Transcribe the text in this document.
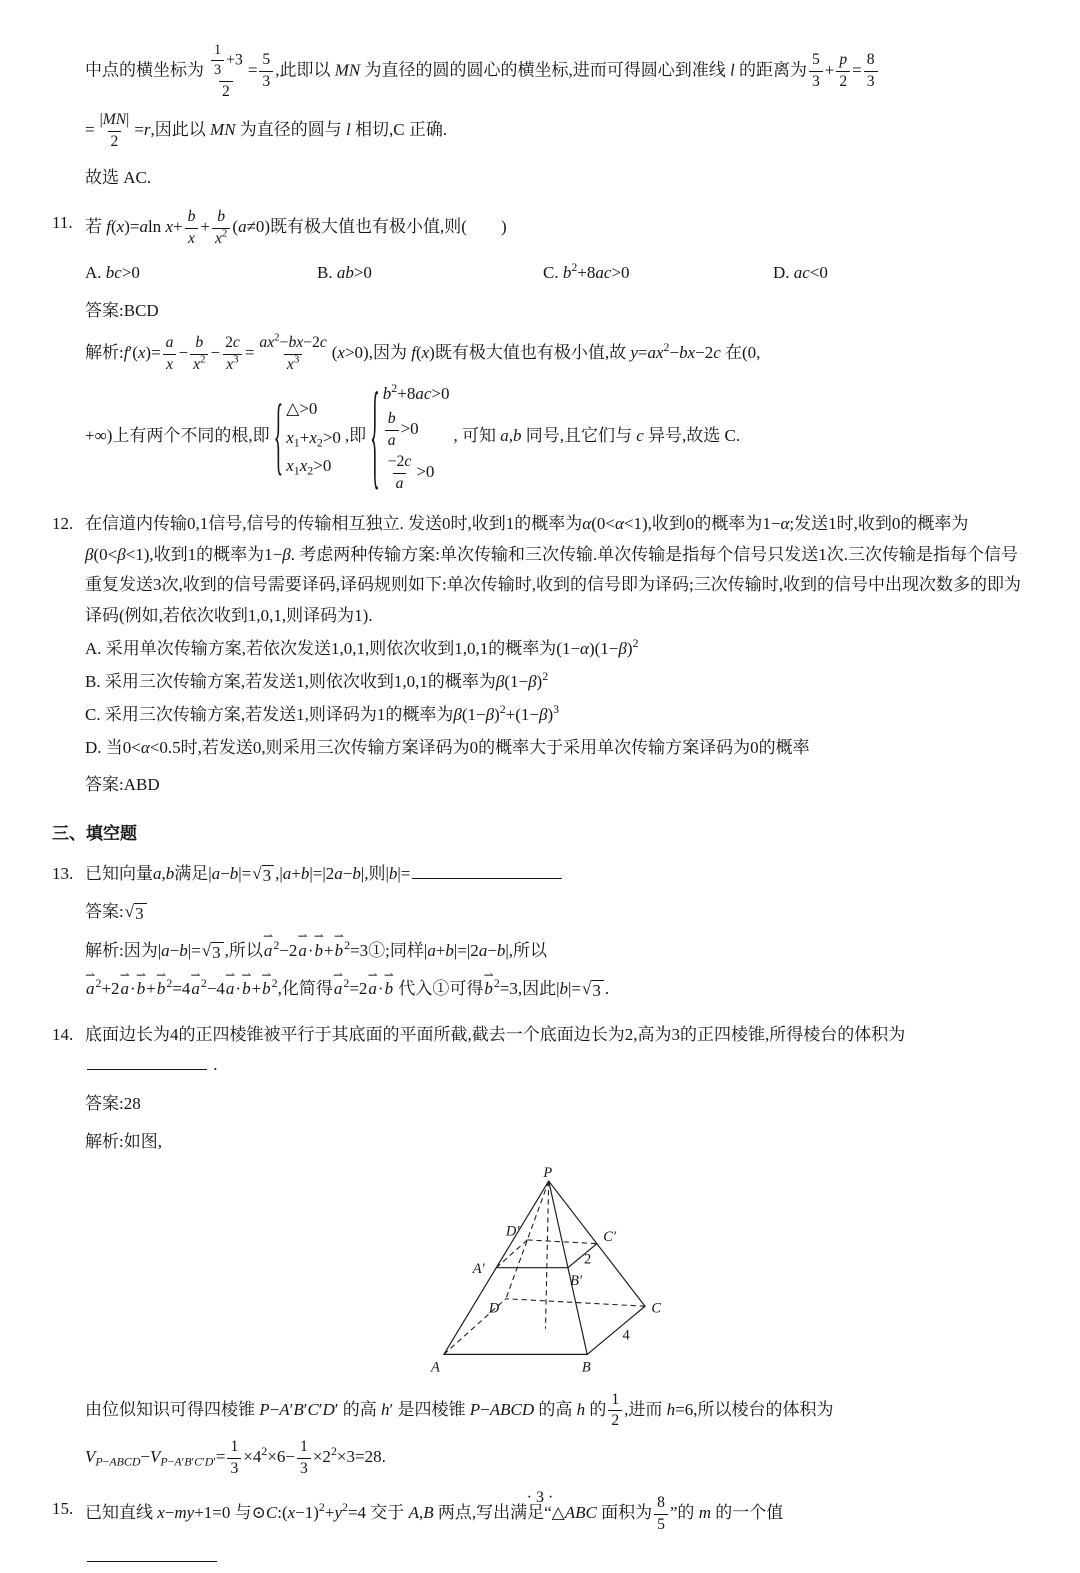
中点的横坐标为 $\frac{\frac{1}{3} +3}{2} = \frac{5}{3}$ ,此即以 MN 为直径的圆的圆心的横坐标,进而可得圆心到准线 l 的距离为 $\frac{5}{3} + \frac{p}{2} = \frac{8}{3}$

= $\frac{|MN|}{2} =r$,因此以 MN 为直径的圆与 l 相切,C 正确.

故选 AC.

11. 若 f(x)=aln $x+ \frac{b}{x} + \frac{b}{x^2} (a\ne 0)$既有极大值也有极小值,则(　　)

A. bc>0	B. ab>0	C. $b^2+8ac>0$	D. ac<0

答案:BCD

解析:f′(x)= $\frac{a}{x} - \frac{b}{x^2} - \frac{2c}{x^3} = \frac{ax^2-bx-2c}{x^3} (x>0)$,因为 f(x)既有极大值也有极小值,故 $y=ax^2-bx-2c$ 在(0,

+∞)上有两个不同的根,即 { △>0
$x_1+x_2>0$
$x_1x_2>0$
,即 { $b^2+8ac>0$
$\frac{b}{a} >0$
$\frac{-2c}{a} >0$
, 可知 a,b 同号,且它们与 c 异号,故选 C.

12. 在信道内传输0,1信号,信号的传输相互独立. 发送0时,收到1的概率为α(0<α<1),收到0的概率为1−α;发送1时,收到0的概率为β(0<β<1),收到1的概率为1−β. 考虑两种传输方案:单次传输和三次传输.单次传输是指每个信号只发送1次.三次传输是指每个信号重复发送3次,收到的信号需要译码,译码规则如下:单次传输时,收到的信号即为译码;三次传输时,收到的信号中出现次数多的即为译码(例如,若依次收到1,0,1,则译码为1).

A. 采用单次传输方案,若依次发送1,0,1,则依次收到1,0,1的概率为$(1-\alpha)(1-\beta)^2$

B. 采用三次传输方案,若发送1,则依次收到1,0,1的概率为$\beta(1-\beta)^2$

C. 采用三次传输方案,若发送1,则译码为1的概率为$\beta(1-\beta)^2+(1-\beta)^3$

D. 当0<α<0.5时,若发送0,则采用三次传输方案译码为0的概率大于采用单次传输方案译码为0的概率

答案:ABD

三、填空题
13. 已知向量a,b满足|a−b|= √ 3 ,|a+b|=|2a−b|,则|b|=

答案: √ 3

解析:因为|a−b|= √ 3 ,所以a ⇀$^2$−2a ⇀·b ⇀+b ⇀$^2$=3①;同样|a+b|=|2a−b|,所以

a ⇀$^2$+2a ⇀·b ⇀+b ⇀$^2$=4a ⇀$^2$−4a ⇀·b ⇀+b ⇀$^2$,化简得a ⇀$^2$=2a ⇀·b ⇀ 代入①可得b ⇀$^2$=3,因此|b|= √ 3 .

14. 底面边长为4的正四棱锥被平行于其底面的平面所截,截去一个底面边长为2,高为3的正四棱锥,所得棱台的体积为 .

答案:28

解析:如图,

P
A	B
C
D
A′
B′
C′
D′
2
4

由位似知识可得四棱锥 P−A′B′C′D′ 的高 h′ 是四棱锥 P−ABCD 的高 h 的 $\frac{1}{2}$ ,进而 h=6,所以棱台的体积为

$V_{P-ABCD}-V_{P-A'B'C'D'}= \frac{1}{3} \times 4^2\times 6- \frac{1}{3} \times 2^2\times 3=28$.

15. 已知直线 x−my+1=0 与$⊙C:(x-1)^2+y^2=4$ 交于 A,B 两点,写出满足“△ABC 面积为 $\frac{8}{5}$ ”的 m 的一个值

· 3 ·
